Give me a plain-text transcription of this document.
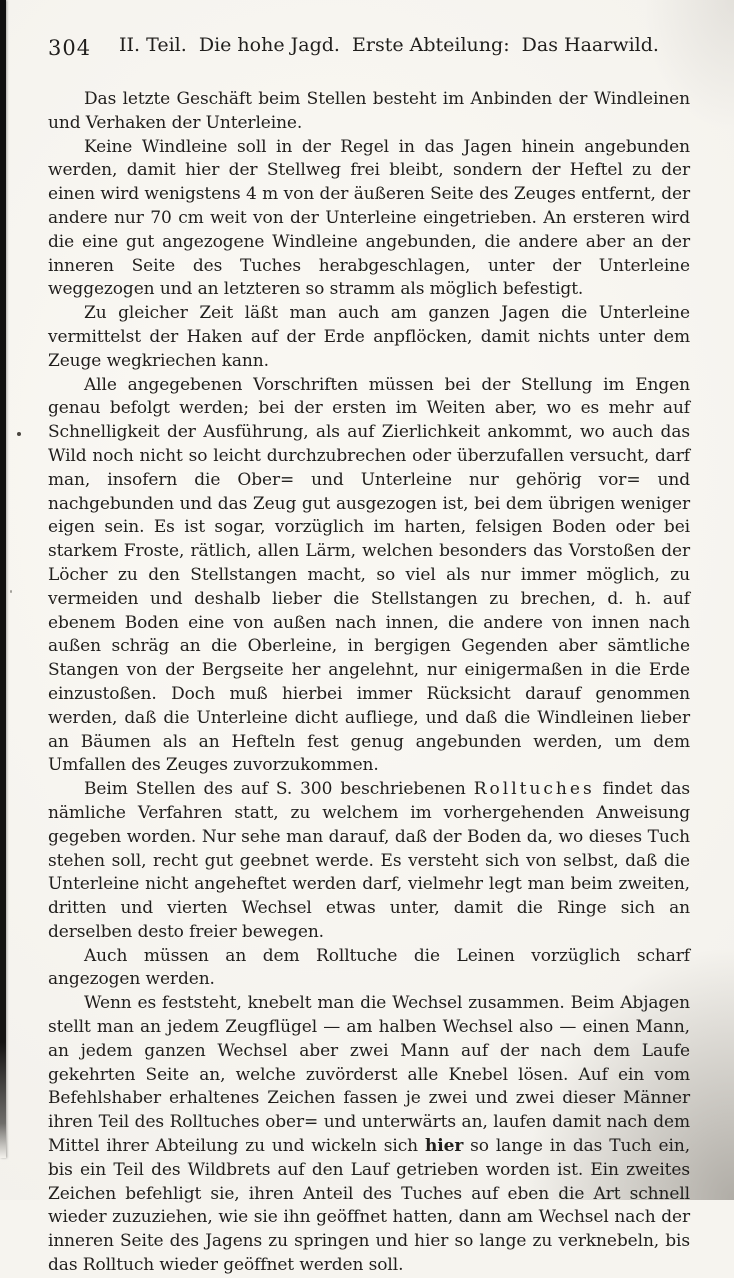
304 II. Teil.  Die hohe Jagd.  Erste Abteilung:  Das Haarwild.

Das letzte Geschäft beim Stellen besteht im Anbinden der Windleinen und Verhaken der Unterleine.

Keine Windleine soll in der Regel in das Jagen hinein angebunden werden, damit hier der Stellweg frei bleibt, sondern der Heftel zu der einen wird wenigstens 4 m von der äußeren Seite des Zeuges entfernt, der andere nur 70 cm weit von der Unterleine eingetrieben. An ersteren wird die eine gut angezogene Windleine angebunden, die andere aber an der inneren Seite des Tuches herabgeschlagen, unter der Unterleine weggezogen und an letzteren so stramm als möglich befestigt.

Zu gleicher Zeit läßt man auch am ganzen Jagen die Unterleine vermittelst der Haken auf der Erde anpflöcken, damit nichts unter dem Zeuge wegkriechen kann.

Alle angegebenen Vorschriften müssen bei der Stellung im Engen genau befolgt werden; bei der ersten im Weiten aber, wo es mehr auf Schnelligkeit der Ausführung, als auf Zierlichkeit ankommt, wo auch das Wild noch nicht so leicht durchzubrechen oder überzufallen versucht, darf man, insofern die Ober= und Unterleine nur gehörig vor= und nachgebunden und das Zeug gut ausgezogen ist, bei dem übrigen weniger eigen sein. Es ist sogar, vorzüglich im harten, felsigen Boden oder bei starkem Froste, rätlich, allen Lärm, welchen besonders das Vorstoßen der Löcher zu den Stellstangen macht, so viel als nur immer möglich, zu vermeiden und deshalb lieber die Stellstangen zu brechen, d. h. auf ebenem Boden eine von außen nach innen, die andere von innen nach außen schräg an die Oberleine, in bergigen Gegenden aber sämtliche Stangen von der Bergseite her angelehnt, nur einigermaßen in die Erde einzustoßen. Doch muß hierbei immer Rücksicht darauf genommen werden, daß die Unterleine dicht aufliege, und daß die Windleinen lieber an Bäumen als an Hefteln fest genug angebunden werden, um dem Umfallen des Zeuges zuvorzukommen.

Beim Stellen des auf S. 300 beschriebenen Rolltuches findet das nämliche Verfahren statt, zu welchem im vorhergehenden Anweisung gegeben worden. Nur sehe man darauf, daß der Boden da, wo dieses Tuch stehen soll, recht gut geebnet werde. Es versteht sich von selbst, daß die Unterleine nicht angeheftet werden darf, vielmehr legt man beim zweiten, dritten und vierten Wechsel etwas unter, damit die Ringe sich an derselben desto freier bewegen.

Auch müssen an dem Rolltuche die Leinen vorzüglich scharf angezogen werden.

Wenn es feststeht, knebelt man die Wechsel zusammen. Beim Abjagen stellt man an jedem Zeugflügel — am halben Wechsel also — einen Mann, an jedem ganzen Wechsel aber zwei Mann auf der nach dem Laufe gekehrten Seite an, welche zuvörderst alle Knebel lösen. Auf ein vom Befehlshaber erhaltenes Zeichen fassen je zwei und zwei dieser Männer ihren Teil des Rolltuches ober= und unterwärts an, laufen damit nach dem Mittel ihrer Abteilung zu und wickeln sich hier so lange in das Tuch ein, bis ein Teil des Wildbrets auf den Lauf getrieben worden ist. Ein zweites Zeichen befehligt sie, ihren Anteil des Tuches auf eben die Art schnell wieder zuzuziehen, wie sie ihn geöffnet hatten, dann am Wechsel nach der inneren Seite des Jagens zu springen und hier so lange zu verknebeln, bis das Rolltuch wieder geöffnet werden soll.
